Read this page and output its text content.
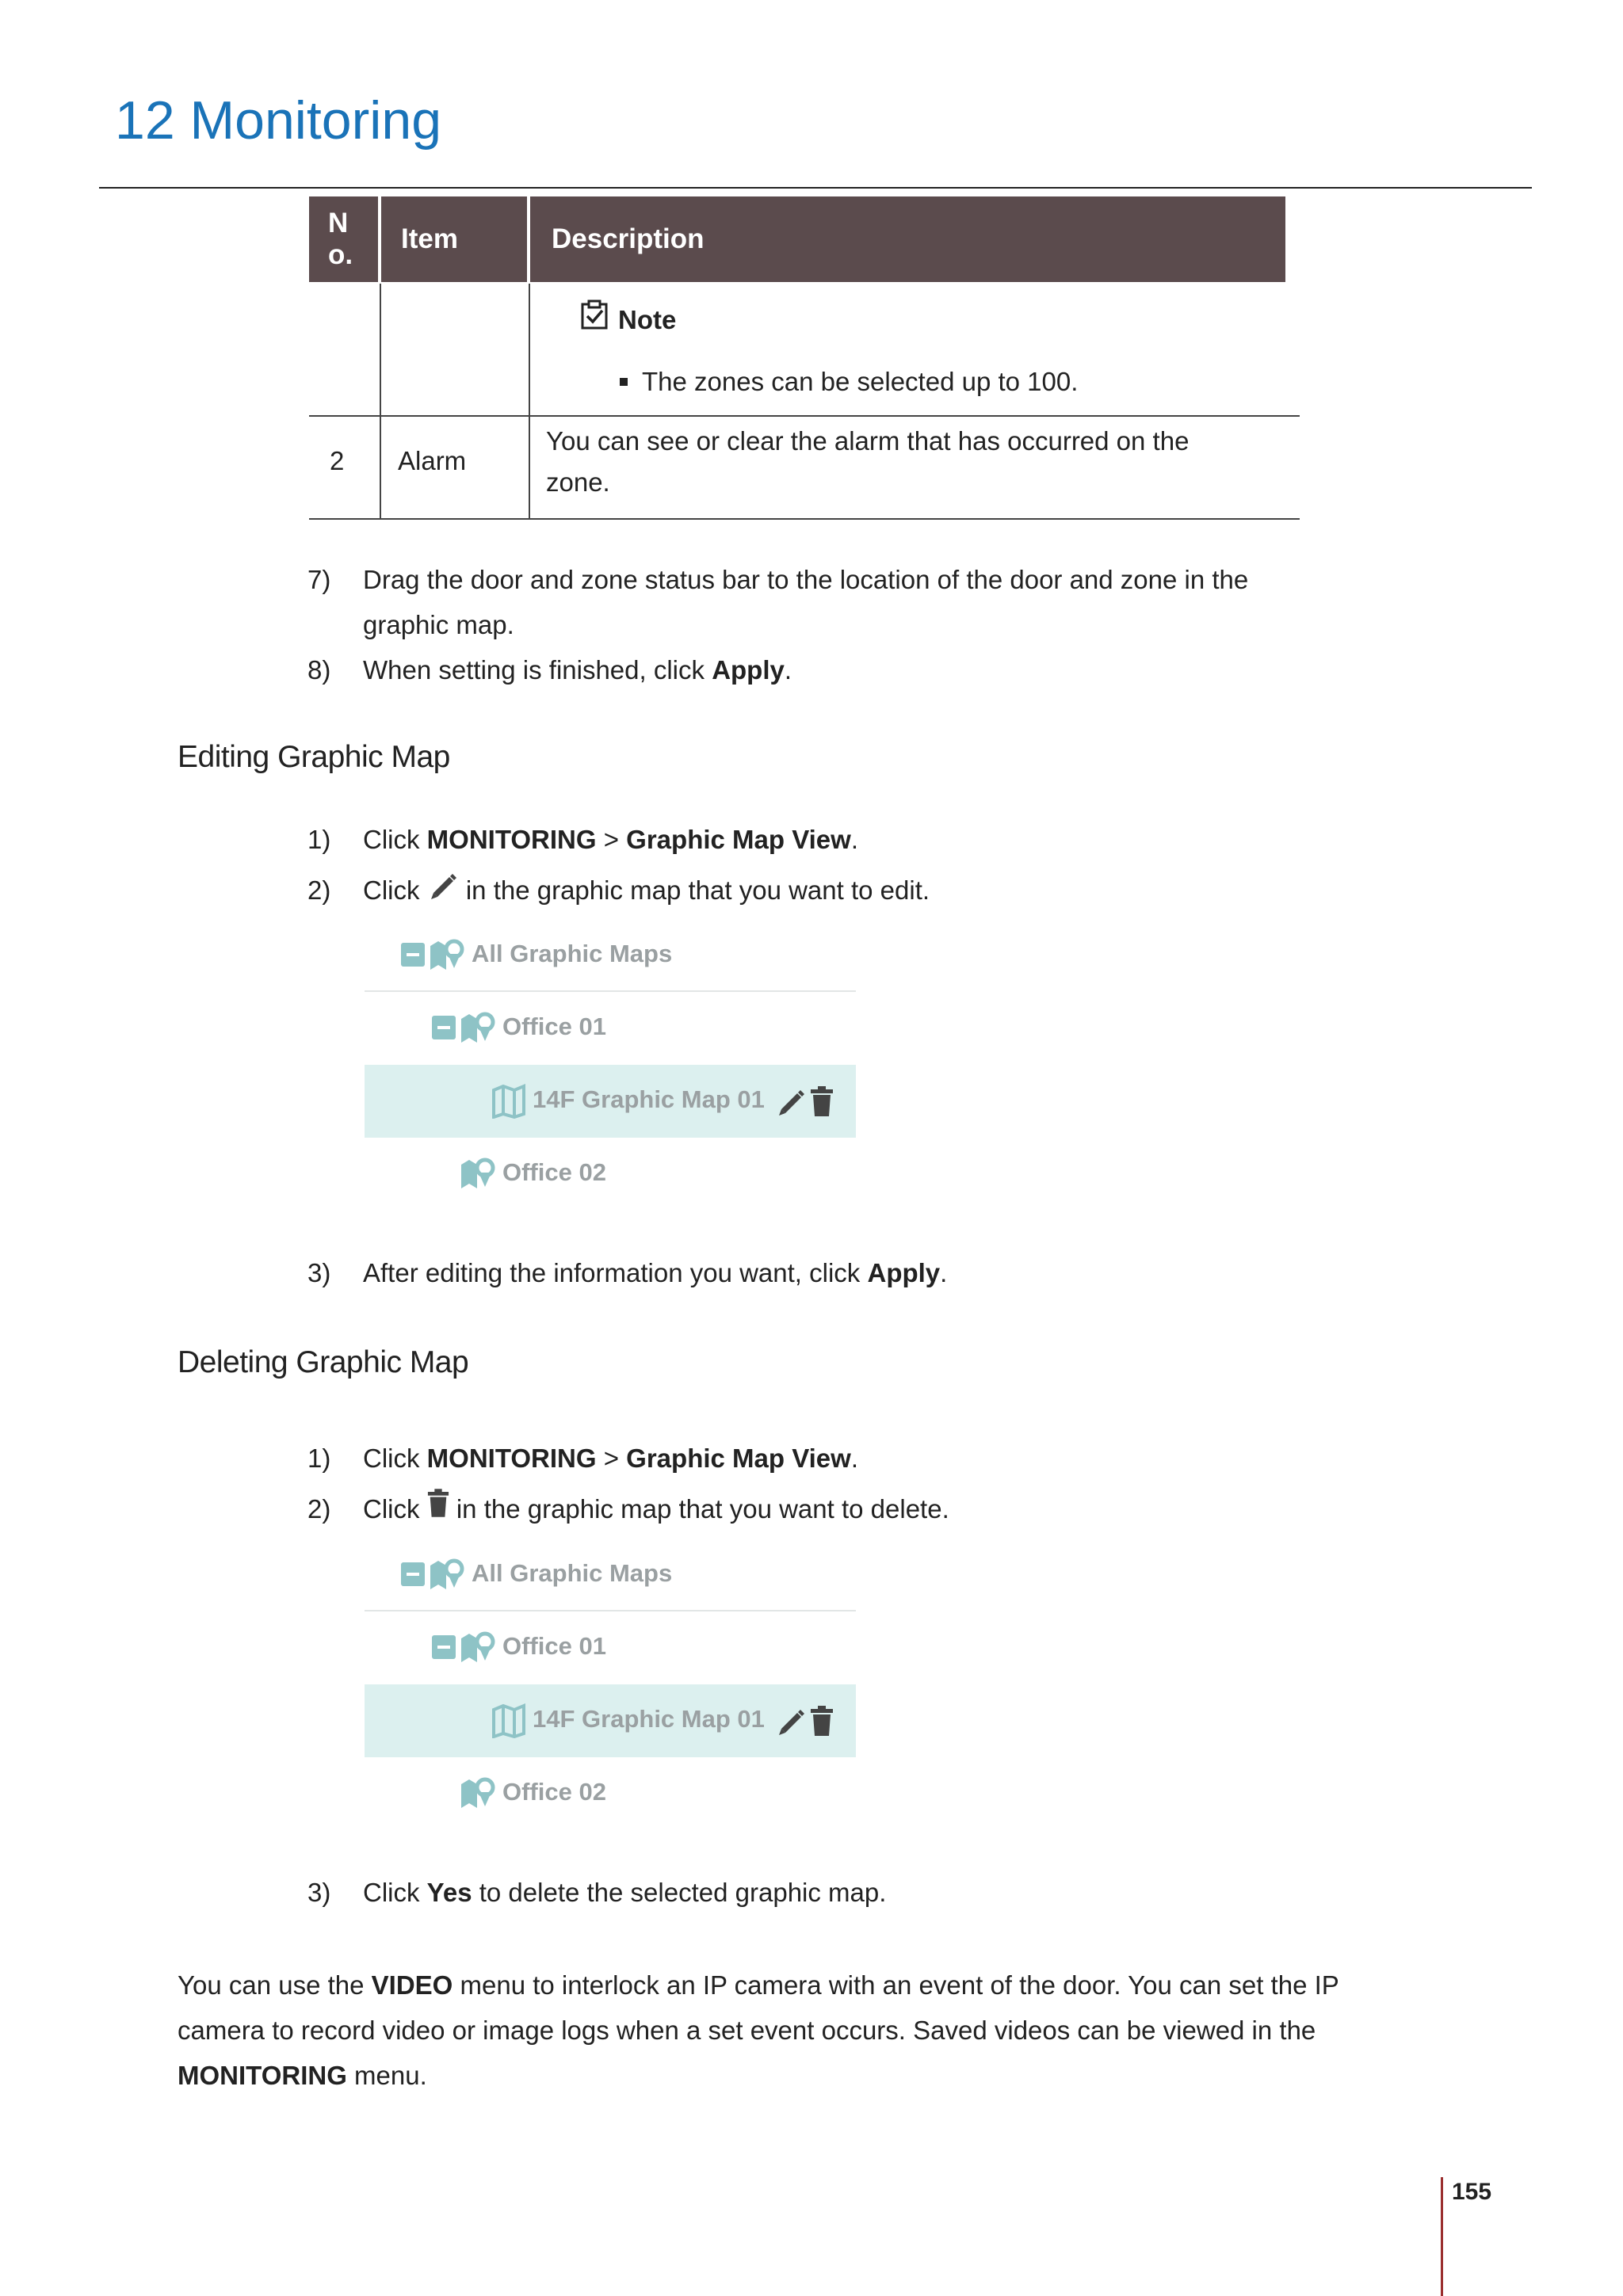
12 Monitoring
N
o.
Item	Description
Note
The zones can be selected up to 100.
2 Alarm
You can see or clear the alarm that has occurred on the
zone.
7) Drag the door and zone status bar to the location of the door and zone in the
graphic map.
8) When setting is finished, click Apply.
Editing Graphic Map
1) Click MONITORING > Graphic Map View.
2) Click  in the graphic map that you want to edit.
All Graphic Maps
Office 01
14F Graphic Map 01
Office 02
3) After editing the information you want, click Apply.
Deleting Graphic Map
1) Click MONITORING > Graphic Map View.
2) Click  in the graphic map that you want to delete.
All Graphic Maps
Office 01
14F Graphic Map 01
Office 02
3) Click Yes to delete the selected graphic map.
You can use the VIDEO menu to interlock an IP camera with an event of the door. You can set the IP
camera to record video or image logs when a set event occurs. Saved videos can be viewed in the
MONITORING menu.
155
